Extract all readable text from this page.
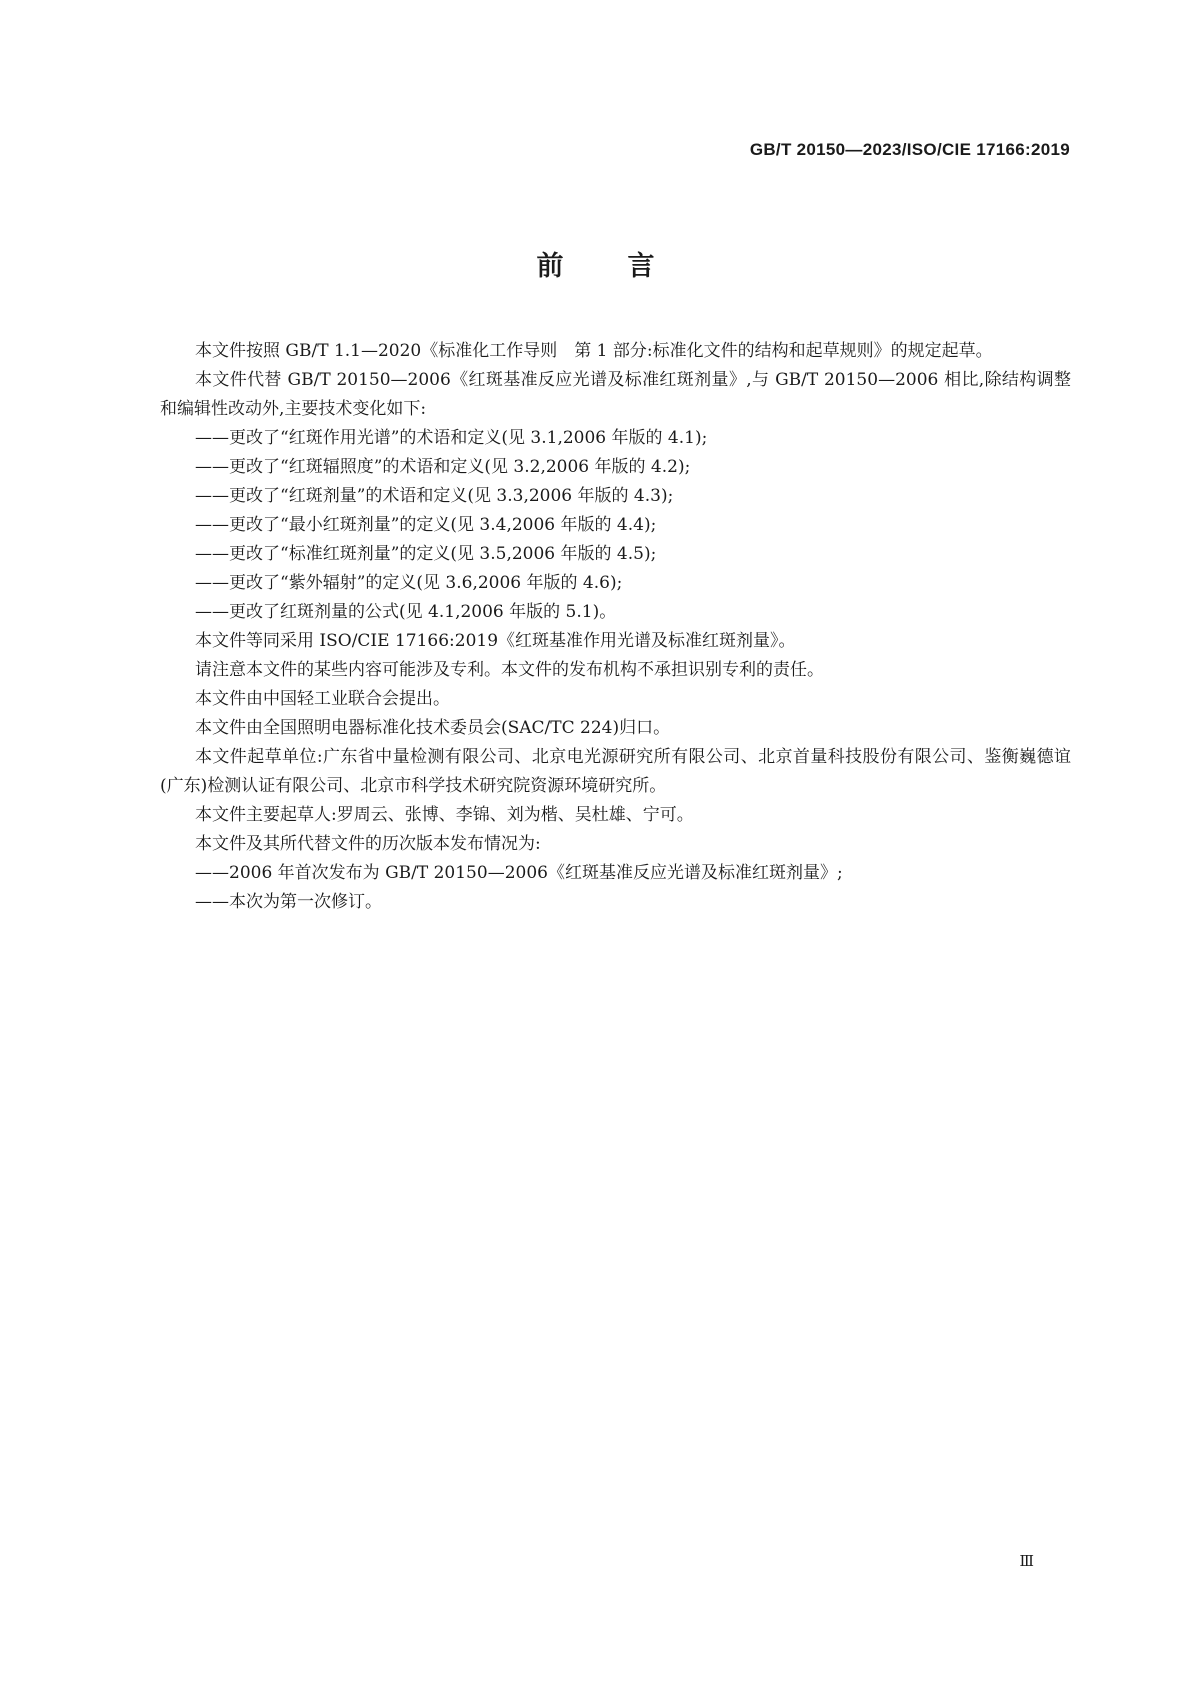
GB/T 20150—2023/ISO/CIE 17166:2019
前言

本文件按照 GB/T 1.1—2020《标准化工作导则　第 1 部分:标准化文件的结构和起草规则》的规定起草。

本文件代替 GB/T 20150—2006《红斑基准反应光谱及标准红斑剂量》,与 GB/T 20150—2006 相比,除结构调整和编辑性改动外,主要技术变化如下:

——更改了“红斑作用光谱”的术语和定义(见 3.1,2006 年版的 4.1);

——更改了“红斑辐照度”的术语和定义(见 3.2,2006 年版的 4.2);

——更改了“红斑剂量”的术语和定义(见 3.3,2006 年版的 4.3);

——更改了“最小红斑剂量”的定义(见 3.4,2006 年版的 4.4);

——更改了“标准红斑剂量”的定义(见 3.5,2006 年版的 4.5);

——更改了“紫外辐射”的定义(见 3.6,2006 年版的 4.6);

——更改了红斑剂量的公式(见 4.1,2006 年版的 5.1)。

本文件等同采用 ISO/CIE 17166:2019《红斑基准作用光谱及标准红斑剂量》。

请注意本文件的某些内容可能涉及专利。本文件的发布机构不承担识别专利的责任。

本文件由中国轻工业联合会提出。

本文件由全国照明电器标准化技术委员会(SAC/TC 224)归口。

本文件起草单位:广东省中量检测有限公司、北京电光源研究所有限公司、北京首量科技股份有限公司、鉴衡巍德谊(广东)检测认证有限公司、北京市科学技术研究院资源环境研究所。

本文件主要起草人:罗周云、张博、李锦、刘为楷、吴杜雄、宁可。

本文件及其所代替文件的历次版本发布情况为:

——2006 年首次发布为 GB/T 20150—2006《红斑基准反应光谱及标准红斑剂量》;

——本次为第一次修订。

Ⅲ
